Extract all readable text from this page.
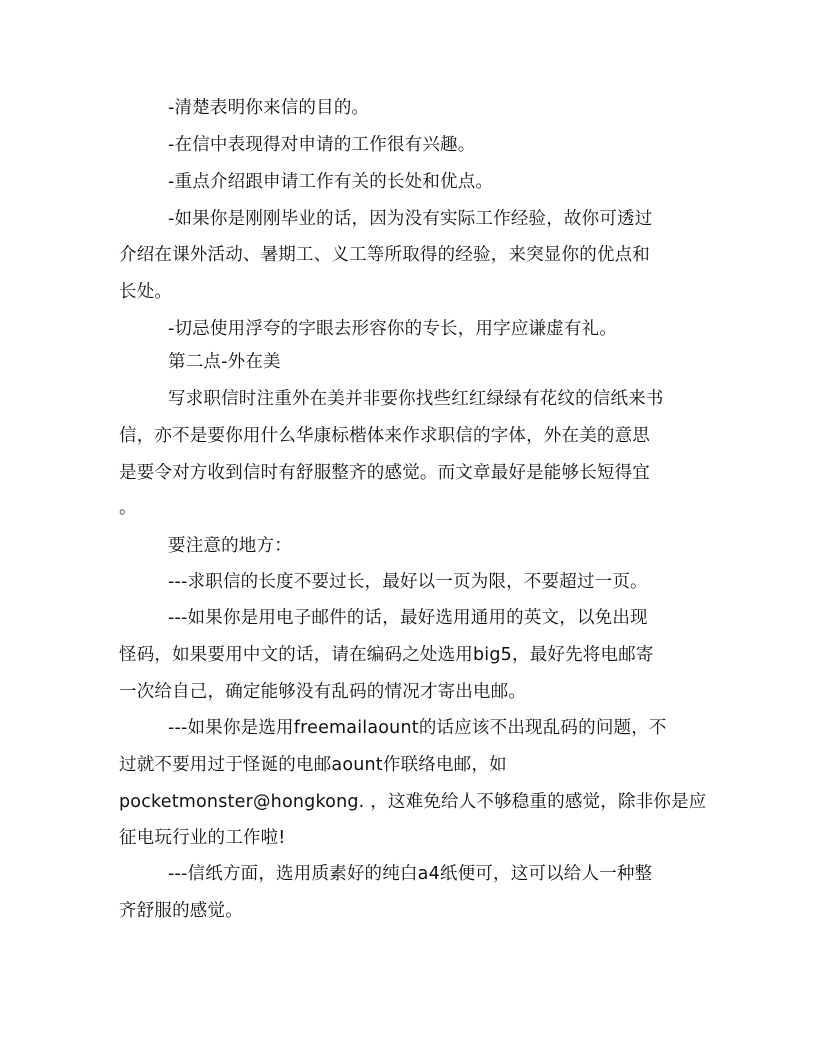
-清楚表明你来信的目的。
-在信中表现得对申请的工作很有兴趣。
-重点介绍跟申请工作有关的长处和优点。
-如果你是刚刚毕业的话，因为没有实际工作经验，故你可透过
介绍在课外活动、暑期工、义工等所取得的经验，来突显你的优点和
长处。
-切忌使用浮夸的字眼去形容你的专长，用字应谦虚有礼。
第二点-外在美
写求职信时注重外在美并非要你找些红红绿绿有花纹的信纸来书
信，亦不是要你用什么华康标楷体来作求职信的字体，外在美的意思
是要令对方收到信时有舒服整齐的感觉。而文章最好是能够长短得宜
。
要注意的地方：
---求职信的长度不要过长，最好以一页为限，不要超过一页。
---如果你是用电子邮件的话，最好选用通用的英文，以免出现
怪码，如果要用中文的话，请在编码之处选用big5，最好先将电邮寄
一次给自己，确定能够没有乱码的情况才寄出电邮。
---如果你是选用freemailaount的话应该不出现乱码的问题，不
过就不要用过于怪诞的电邮aount作联络电邮，如
pocketmonster@hongkong. ，这难免给人不够稳重的感觉，除非你是应
征电玩行业的工作啦!
---信纸方面，选用质素好的纯白a4纸便可，这可以给人一种整
齐舒服的感觉。
